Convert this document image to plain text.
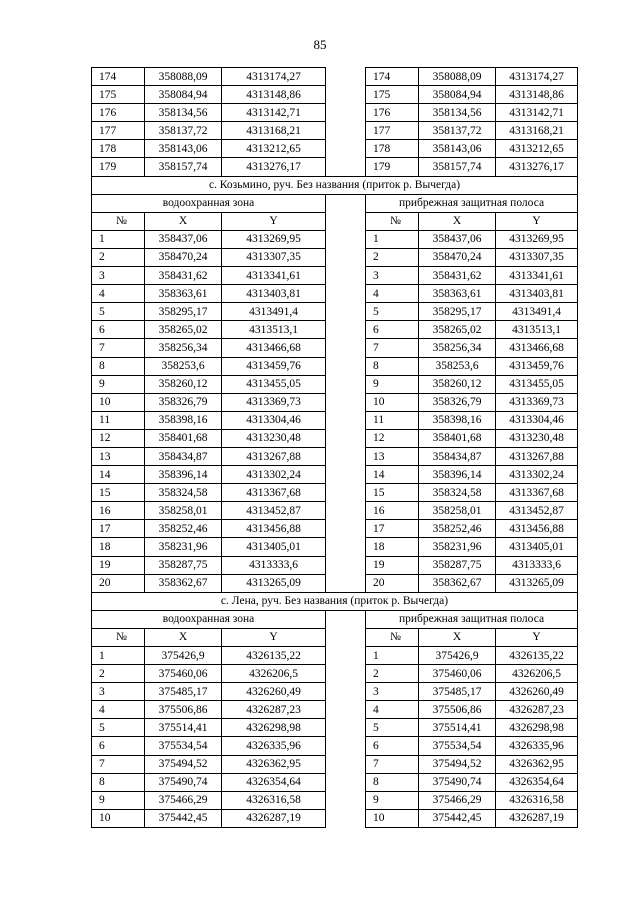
85
174	358088,09	4313174,27		174	358088,09	4313174,27
175	358084,94	4313148,86		175	358084,94	4313148,86
176	358134,56	4313142,71		176	358134,56	4313142,71
177	358137,72	4313168,21		177	358137,72	4313168,21
178	358143,06	4313212,65		178	358143,06	4313212,65
179	358157,74	4313276,17		179	358157,74	4313276,17
с. Козьмино, руч. Без названия (приток р. Вычегда)						
водоохранная зона				прибрежная защитная полоса		
№	X	Y		№	X	Y
1	358437,06	4313269,95		1	358437,06	4313269,95
2	358470,24	4313307,35		2	358470,24	4313307,35
3	358431,62	4313341,61		3	358431,62	4313341,61
4	358363,61	4313403,81		4	358363,61	4313403,81
5	358295,17	4313491,4		5	358295,17	4313491,4
6	358265,02	4313513,1		6	358265,02	4313513,1
7	358256,34	4313466,68		7	358256,34	4313466,68
8	358253,6	4313459,76		8	358253,6	4313459,76
9	358260,12	4313455,05		9	358260,12	4313455,05
10	358326,79	4313369,73		10	358326,79	4313369,73
11	358398,16	4313304,46		11	358398,16	4313304,46
12	358401,68	4313230,48		12	358401,68	4313230,48
13	358434,87	4313267,88		13	358434,87	4313267,88
14	358396,14	4313302,24		14	358396,14	4313302,24
15	358324,58	4313367,68		15	358324,58	4313367,68
16	358258,01	4313452,87		16	358258,01	4313452,87
17	358252,46	4313456,88		17	358252,46	4313456,88
18	358231,96	4313405,01		18	358231,96	4313405,01
19	358287,75	4313333,6		19	358287,75	4313333,6
20	358362,67	4313265,09		20	358362,67	4313265,09
с. Лена, руч. Без названия (приток р. Вычегда)						
водоохранная зона				прибрежная защитная полоса		
№	X	Y		№	X	Y
1	375426,9	4326135,22		1	375426,9	4326135,22
2	375460,06	4326206,5		2	375460,06	4326206,5
3	375485,17	4326260,49		3	375485,17	4326260,49
4	375506,86	4326287,23		4	375506,86	4326287,23
5	375514,41	4326298,98		5	375514,41	4326298,98
6	375534,54	4326335,96		6	375534,54	4326335,96
7	375494,52	4326362,95		7	375494,52	4326362,95
8	375490,74	4326354,64		8	375490,74	4326354,64
9	375466,29	4326316,58		9	375466,29	4326316,58
10	375442,45	4326287,19		10	375442,45	4326287,19
